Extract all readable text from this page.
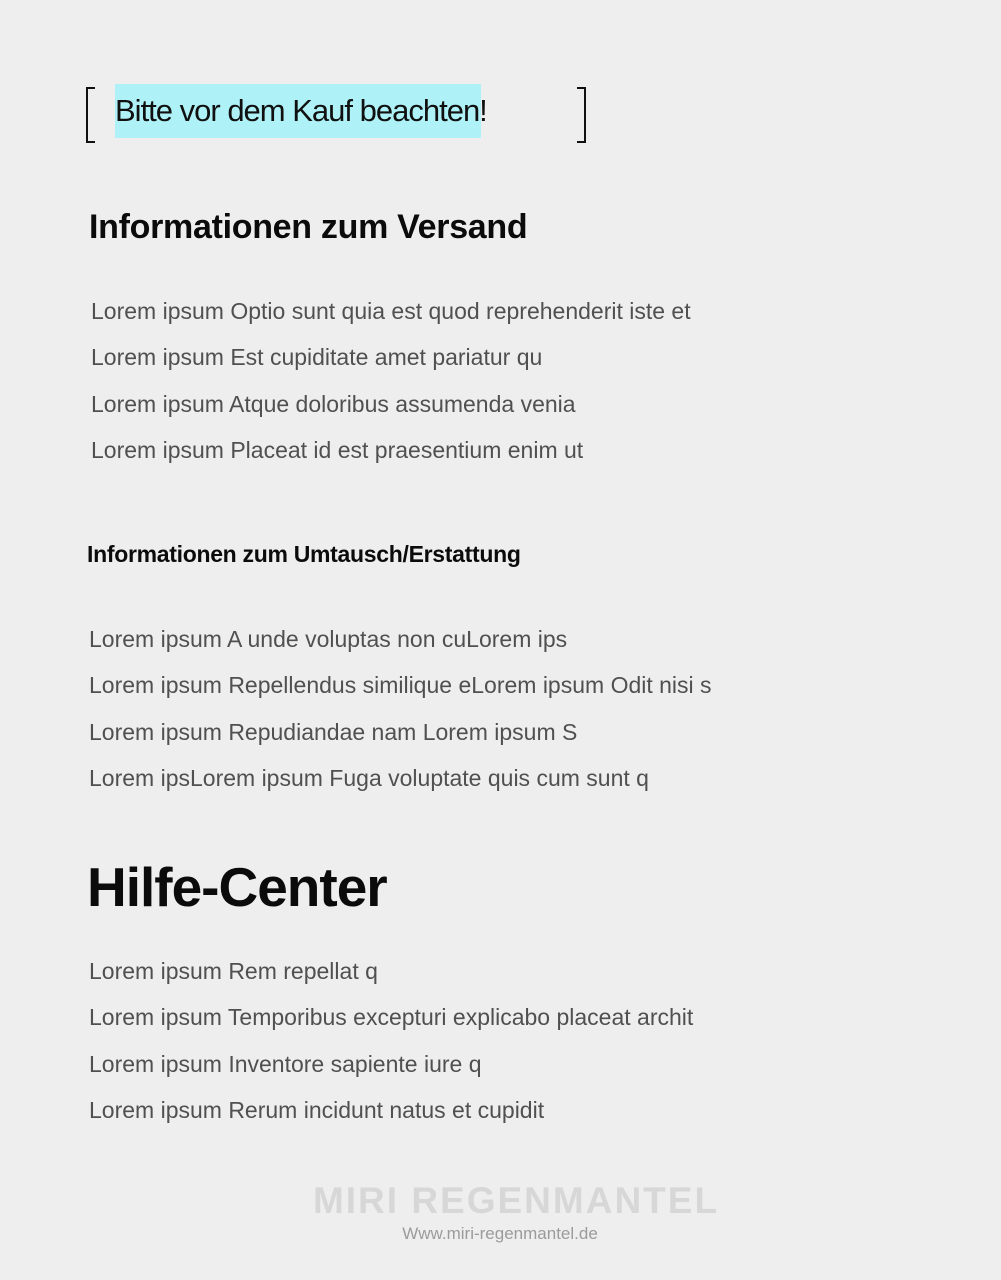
Bitte vor dem Kauf beachten!
Informationen zum Versand
Lorem ipsum Optio sunt quia est quod reprehenderit iste et
Lorem ipsum Est cupiditate amet pariatur qu
Lorem ipsum Atque doloribus assumenda venia
Lorem ipsum Placeat id est praesentium enim ut
Informationen zum Umtausch/Erstattung
Lorem ipsum A unde voluptas non cuLorem ips
Lorem ipsum Repellendus similique eLorem ipsum Odit nisi s
Lorem ipsum Repudiandae nam Lorem ipsum S
Lorem ipsLorem ipsum Fuga voluptate quis cum sunt q
Hilfe-Center
Lorem ipsum Rem repellat q
Lorem ipsum Temporibus excepturi explicabo placeat archit
Lorem ipsum Inventore sapiente iure q
Lorem ipsum Rerum incidunt natus et cupidit
MIRI REGENMANTEL
Www.miri-regenmantel.de
